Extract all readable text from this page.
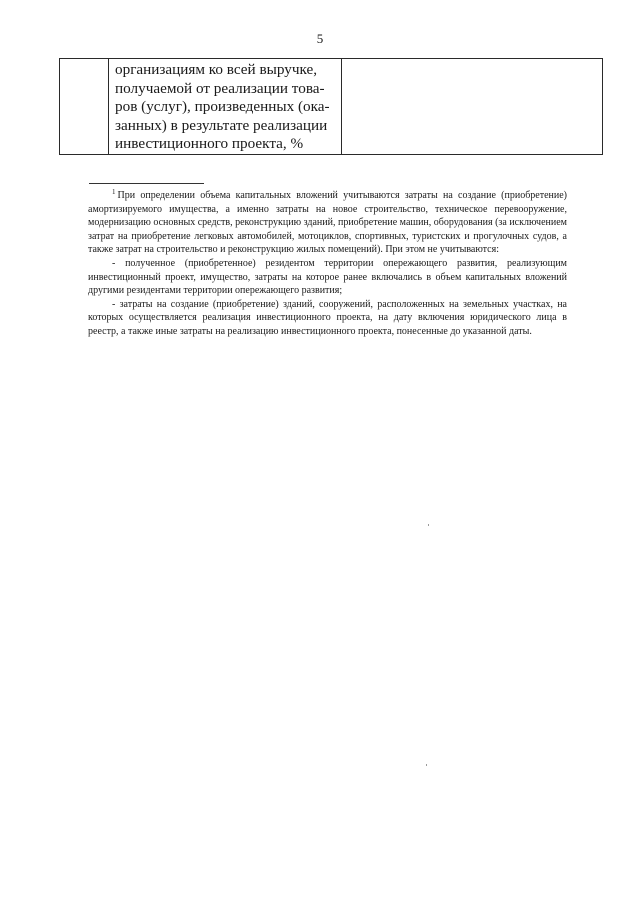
5

организациям ко всей выручке,
получаемой от реализации това-
ров (услуг), произведенных (ока-
занных) в результате реализации
инвестиционного проекта, %

$^1$ При определении объема капитальных вложений учитываются затраты на создание (приобретение) амортизируемого имущества, а именно затраты на новое строительство, техническое перевооружение, модернизацию основных средств, реконструкцию зданий, приобретение машин, оборудования (за исключением затрат на приобретение легковых автомобилей, мотоциклов, спортивных, туристских и прогулочных судов, а также затрат на строительство и реконструкцию жилых помещений). При этом не учитываются:

- полученное (приобретенное) резидентом территории опережающего развития, реализующим инвестиционный проект, имущество, затраты на которое ранее включались в объем капитальных вложений другими резидентами территории опережающего развития;

- затраты на создание (приобретение) зданий, сооружений, расположенных на земельных участках, на которых осуществляется реализация инвестиционного проекта, на дату включения юридического лица в реестр, а также иные затраты на реализацию инвестиционного проекта, понесенные до указанной даты.
